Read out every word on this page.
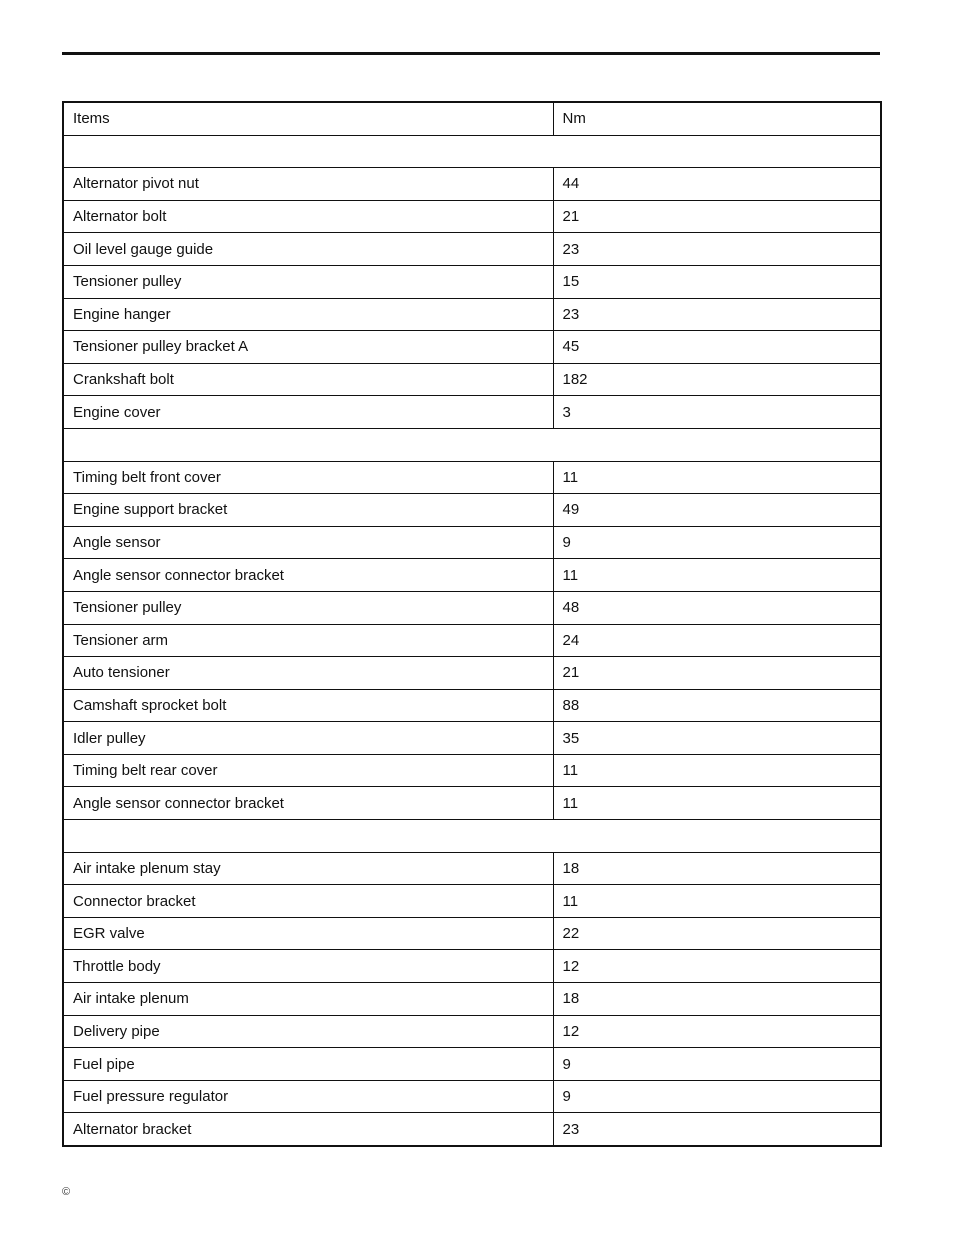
Items	Nm

Alternator pivot nut	44
Alternator bolt	21
Oil level gauge guide	23
Tensioner pulley	15
Engine hanger	23
Tensioner pulley bracket A	45
Crankshaft bolt	182
Engine cover	3

Timing belt front cover	11
Engine support bracket	49
Angle sensor	9
Angle sensor connector bracket	11
Tensioner pulley	48
Tensioner arm	24
Auto tensioner	21
Camshaft sprocket bolt	88
Idler pulley	35
Timing belt rear cover	11
Angle sensor connector bracket	11

Air intake plenum stay	18
Connector bracket	11
EGR valve	22
Throttle body	12
Air intake plenum	18
Delivery pipe	12
Fuel pipe	9
Fuel pressure regulator	9
Alternator bracket	23
©
